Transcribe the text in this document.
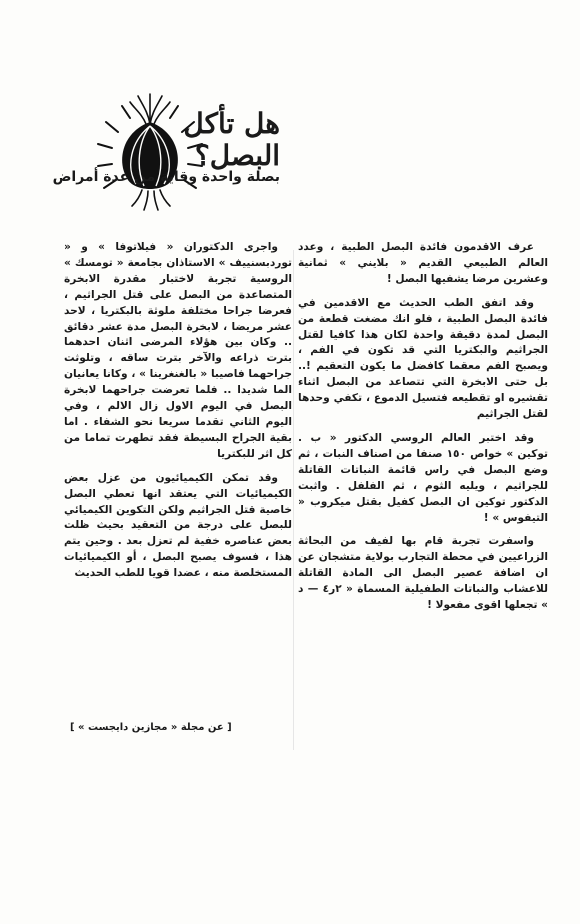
هل تأكل البصل؟
بصلة واحدة وقاية من عدة أمراض

عرف الاقدمون فائدة البصل الطبية ، وعدد العالم الطبيعي القديم « بلايني » ثمانية وعشرين مرضا يشفيها البصل !

وقد اتفق الطب الحديث مع الاقدمين في فائدة البصل الطبية ، فلو انك مضغت قطعة من البصل لمدة دقيقة واحدة لكان هذا كافيا لقتل الجراثيم والبكتريا التي قد تكون في الفم ، ويصبح الفم معقما كافضل ما يكون التعقيم !.. بل حتى الابخرة التي تتصاعد من البصل اثناء تقشيره او تقطيعه فتسيل الدموع ، تكفي وحدها لقتل الجراثيم

وقد اختبر العالم الروسي الدكتور « ب . توكين » خواص ١٥٠ صنفا من اصناف النبات ، ثم وضع البصل في راس قائمة النباتات القاتلة للجراثيم ، ويليه الثوم ، ثم الفلفل . واثبت الدكتور توكين ان البصل كفيل بقتل ميكروب « التيفوس » !

واسفرت تجربة قام بها لفيف من البحاثة الزراعيين في محطة التجارب بولاية متشجان عن ان اضافة عصير البصل الى المادة القاتلة للاعشاب والنباتات الطفيلية المسماة « ٢ر٤ — د » تجعلها اقوى مفعولا !

واجرى الدكتوران « فيلاتوفا » و « توردبسنييف » الاستاذان بجامعة « تومسك » الروسية تجربة لاختبار مقدرة الابخرة المتصاعدة من البصل على قتل الجراثيم ، فعرضا جراحا مختلفة ملوثة بالبكتريا ، لاحد عشر مريضا ، لابخرة البصل مدة عشر دقائق .. وكان بين هؤلاء المرضى اثنان احدهما بترت ذراعه والآخر بترت ساقه ، وتلوثت جراحهما فاصيبا « بالغنغرينا » ، وكانا يعانيان الما شديدا .. فلما تعرضت جراحهما لابخرة البصل في اليوم الاول زال الالم ، وفي اليوم الثاني تقدما سريعا نحو الشفاء . اما بقية الجراح البسيطة فقد تطهرت تماما من كل اثر للبكتريا

وقد تمكن الكيميائيون من عزل بعض الكيميائيات التي يعتقد انها تعطي البصل خاصية قتل الجراثيم ولكن التكوين الكيميائي للبصل على درجة من التعقيد بحيث ظلت بعض عناصره خفية لم تعزل بعد . وحين يتم هذا ، فسوف يصبح البصل ، أو الكيميائيات المستخلصة منه ، عضدا قويا للطب الحديث

[ عن مجلة « مجازين دايجست » ]
